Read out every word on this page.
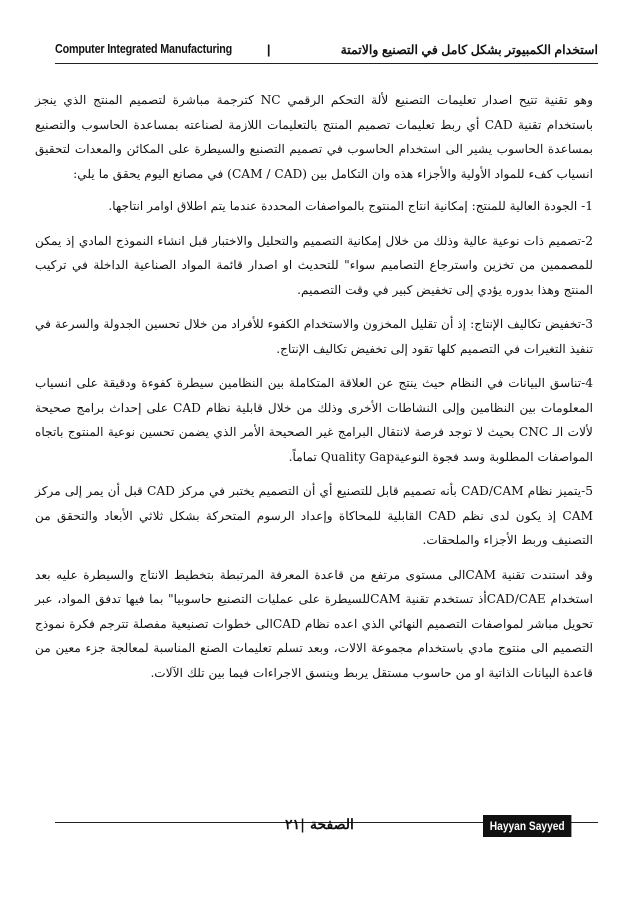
Computer Integrated Manufacturing	|	استخدام الكمبيوتر بشكل كامل في التصنيع والاتمتة

وهو تقنية تتيح اصدار تعليمات التصنيع لألة التحكم الرقمي NC كترجمة مباشرة لتصميم المنتج الذي ينجز باستخدام تقنية CAD أي ربط تعليمات تصميم المنتج بالتعليمات اللازمة لصناعته بمساعدة الحاسوب والتصنيع بمساعدة الحاسوب يشير الى استخدام الحاسوب في تصميم التصنيع والسيطرة على المكائن والمعدات لتحقيق انسياب كفء للمواد الأولية والأجزاء هذه وان التكامل بين (CAM / CAD) في مصانع اليوم يحقق ما يلي:

1- الجودة العالية للمنتج: إمكانية انتاج المنتوج بالمواصفات المحددة عندما يتم اطلاق اوامر انتاجها.

2-تصميم ذات نوعية عالية وذلك من خلال إمكانية التصميم والتحليل والاختبار قبل انشاء النموذج المادي إذ يمكن للمصممين من تخزين واسترجاع التصاميم سواء" للتحديث او اصدار قائمة المواد الصناعية الداخلة في تركيب المنتج وهذا بدوره يؤدي إلى تخفيض كبير في وقت التصميم.

3-تخفيض تكاليف الإنتاج: إذ أن تقليل المخزون والاستخدام الكفوء للأفراد من خلال تحسين الجدولة والسرعة في تنفيذ التغيرات في التصميم كلها تقود إلى تخفيض تكاليف الإنتاج.

4-تناسق البيانات في النظام حيث ينتج عن العلاقة المتكاملة بين النظامين سيطرة كفوءة ودقيقة على انسياب المعلومات بين النظامين وإلى النشاطات الأخرى وذلك من خلال قابلية نظام CAD على إحداث برامج صحيحة لألات الـ CNC بحيث لا توجد فرصة لانتقال البرامج غير الصحيحة الأمر الذي يضمن تحسين نوعية المنتوج باتجاه المواصفات المطلوبة وسد فجوة النوعيةQuality Gap تماماً.

5-يتميز نظام CAD/CAM بأنه تصميم قابل للتصنيع أي أن التصميم يختبر في مركز CAD قبل أن يمر إلى مركز CAM إذ يكون لدى نظم CAD القابلية للمحاكاة وإعداد الرسوم المتحركة بشكل ثلاثي الأبعاد والتحقق من التصنيف وربط الأجزاء والملحقات.

وقد استندت تقنية CAMالى مستوى مرتفع من قاعدة المعرفة المرتبطة بتخطيط الانتاج والسيطرة عليه بعد استخدام CAD/CAEأذ تستخدم تقنية CAMللسيطرة على عمليات التصنيع حاسوبيا" بما فيها تدفق المواد، عبر تحويل مباشر لمواصفات التصميم النهائي الذي اعده نظام CADالى خطوات تصنيعية مفصلة تترجم فكرة نموذج التصميم الى منتوج مادي باستخدام مجموعة الالات، وبعد تسلم تعليمات الصنع المناسبة لمعالجة جزء معين من قاعدة البيانات الذاتية او من حاسوب مستقل يربط وينسق الاجراءات فيما بين تلك الآلات.

الصفحة |٢١	Hayyan Sayyed
